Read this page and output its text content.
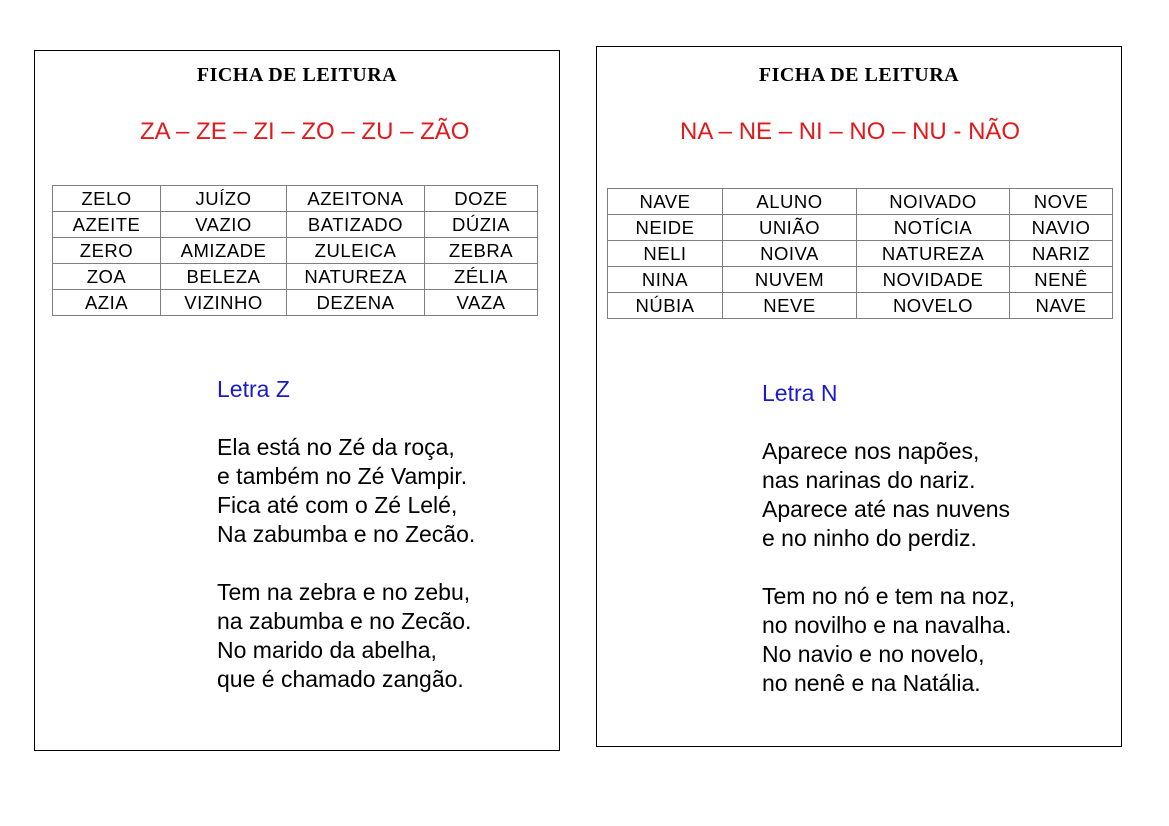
FICHA DE LEITURA
ZA – ZE – ZI – ZO – ZU – ZÃO
ZELO	JUÍZO	AZEITONA	DOZE
AZEITE	VAZIO	BATIZADO	DÚZIA
ZERO	AMIZADE	ZULEICA	ZEBRA
ZOA	BELEZA	NATUREZA	ZÉLIA
AZIA	VIZINHO	DEZENA	VAZA
Letra Z
Ela está no Zé da roça,
e também no Zé Vampir.
Fica até com o Zé Lelé,
Na zabumba e no Zecão.
Tem na zebra e no zebu,
na zabumba e no Zecão.
No marido da abelha,
que é chamado zangão.
FICHA DE LEITURA
NA – NE – NI – NO – NU - NÃO
NAVE	ALUNO	NOIVADO	NOVE
NEIDE	UNIÃO	NOTÍCIA	NAVIO
NELI	NOIVA	NATUREZA	NARIZ
NINA	NUVEM	NOVIDADE	NENÊ
NÚBIA	NEVE	NOVELO	NAVE
Letra N
Aparece nos napões,
nas narinas do nariz.
Aparece até nas nuvens
e no ninho do perdiz.
Tem no nó e tem na noz,
no novilho e na navalha.
No navio e no novelo,
no nenê e na Natália.
